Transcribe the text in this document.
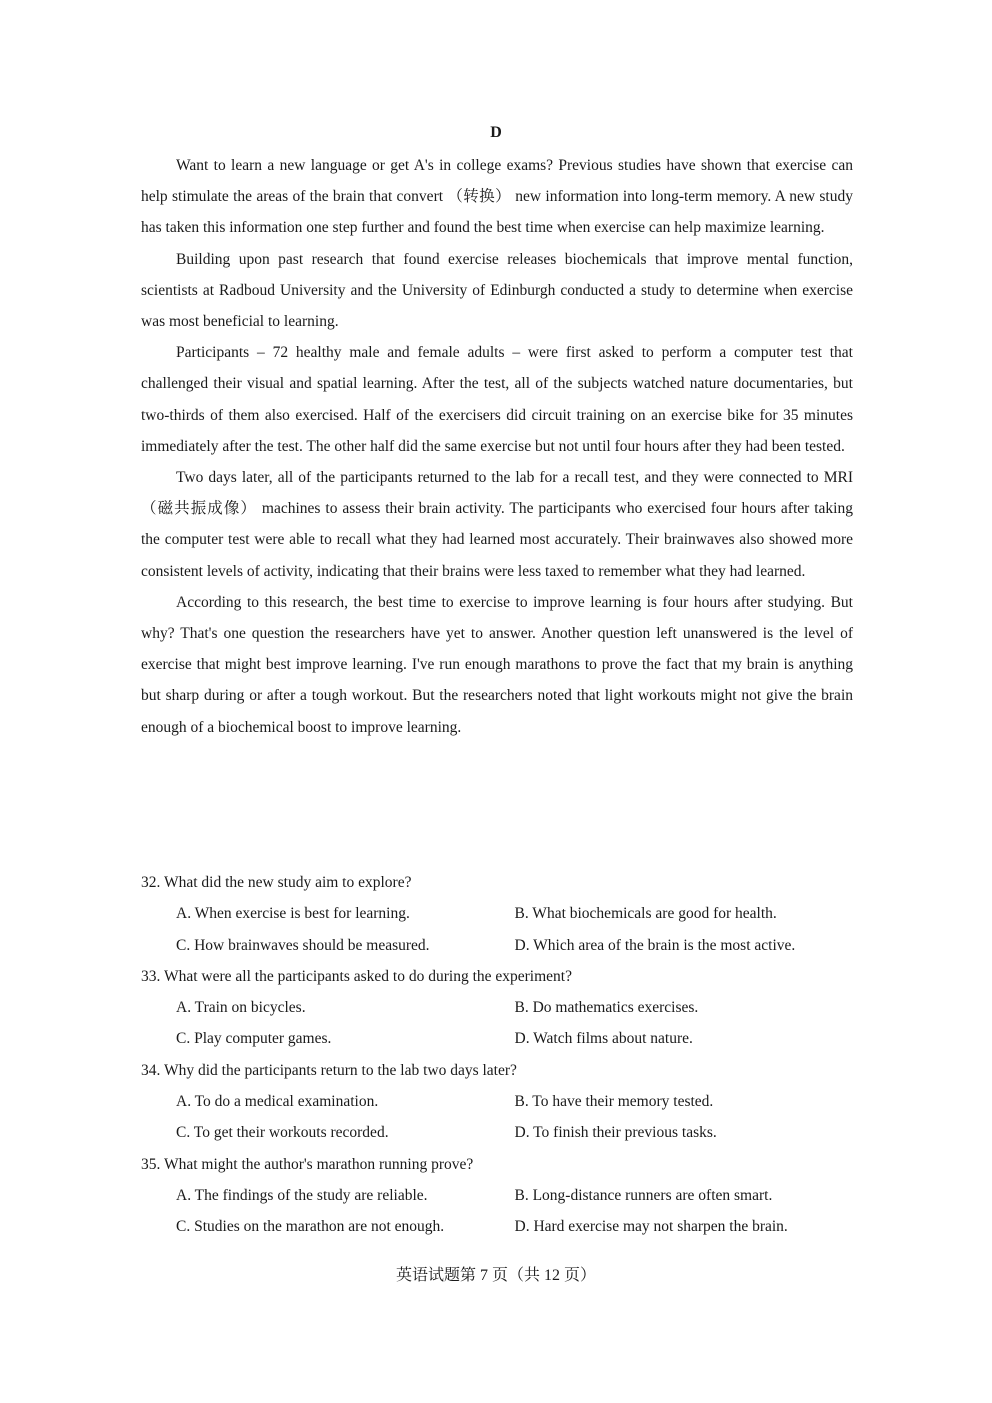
D

Want to learn a new language or get A's in college exams? Previous studies have shown that exercise can help stimulate the areas of the brain that convert （转换） new information into long-term memory. A new study has taken this information one step further and found the best time when exercise can help maximize learning.

Building upon past research that found exercise releases biochemicals that improve mental function, scientists at Radboud University and the University of Edinburgh conducted a study to determine when exercise was most beneficial to learning.

Participants – 72 healthy male and female adults – were first asked to perform a computer test that challenged their visual and spatial learning. After the test, all of the subjects watched nature documentaries, but two-thirds of them also exercised. Half of the exercisers did circuit training on an exercise bike for 35 minutes immediately after the test. The other half did the same exercise but not until four hours after they had been tested.

Two days later, all of the participants returned to the lab for a recall test, and they were connected to MRI （磁共振成像） machines to assess their brain activity. The participants who exercised four hours after taking the computer test were able to recall what they had learned most accurately. Their brainwaves also showed more consistent levels of activity, indicating that their brains were less taxed to remember what they had learned.

According to this research, the best time to exercise to improve learning is four hours after studying. But why? That's one question the researchers have yet to answer. Another question left unanswered is the level of exercise that might best improve learning. I've run enough marathons to prove the fact that my brain is anything but sharp during or after a tough workout. But the researchers noted that light workouts might not give the brain enough of a biochemical boost to improve learning.

32. What did the new study aim to explore?

A. When exercise is best for learning.	B. What biochemicals are good for health.
C. How brainwaves should be measured.	D. Which area of the brain is the most active.

33. What were all the participants asked to do during the experiment?

A. Train on bicycles.	B. Do mathematics exercises.
C. Play computer games.	D. Watch films about nature.

34. Why did the participants return to the lab two days later?

A. To do a medical examination.	B. To have their memory tested.
C. To get their workouts recorded.	D. To finish their previous tasks.

35. What might the author's marathon running prove?

A. The findings of the study are reliable.	B. Long-distance runners are often smart.
C. Studies on the marathon are not enough.	D. Hard exercise may not sharpen the brain.
英语试题第 7 页（共 12 页）
